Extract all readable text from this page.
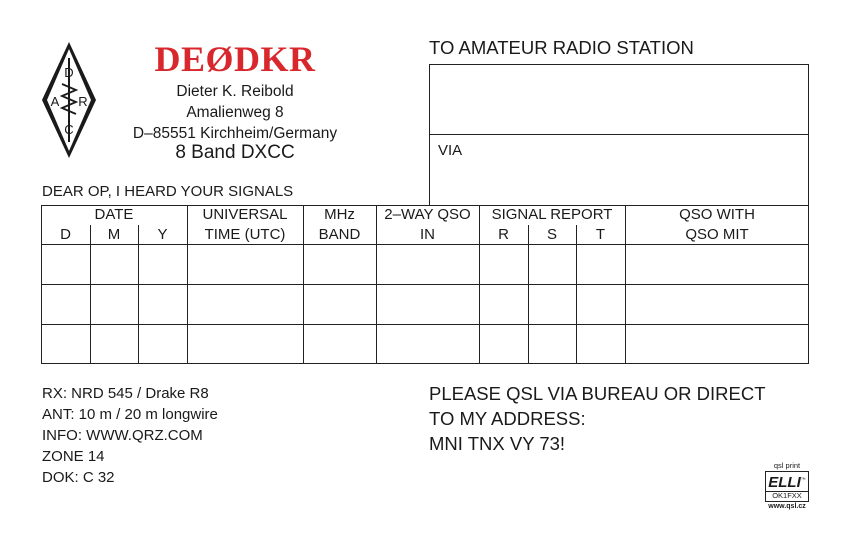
D
A R
C
DEØDKR
Dieter K. Reibold
Amalienweg 8
D–85551 Kirchheim/Germany
8 Band DXCC
TO AMATEUR RADIO STATION
VIA
DEAR OP, I HEARD YOUR SIGNALS
DATE	UNIVERSAL	MHz	2–WAY QSO	SIGNAL REPORT	QSO WITH
D	M	Y	TIME (UTC)	BAND	IN	R	S	T	QSO MIT
RX: NRD 545 / Drake R8
ANT: 10 m / 20 m longwire
INFO: WWW.QRZ.COM
ZONE 14
DOK: C 32
PLEASE QSL VIA BUREAU OR DIRECT
TO MY ADDRESS:
MNI TNX VY 73!
qsl print
ELLI™
OK1FXX
www.qsl.cz
